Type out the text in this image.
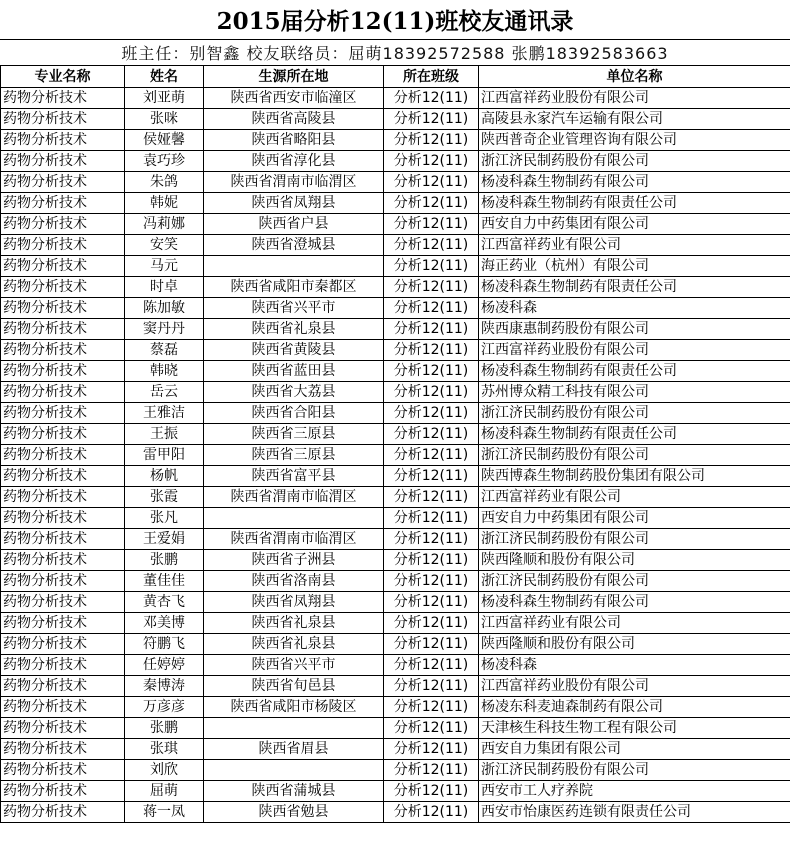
2015届分析12(11)班校友通讯录
班主任：别智鑫 校友联络员：屈萌18392572588 张鹏18392583663
专业名称	姓名	生源所在地	所在班级	单位名称
药物分析技术	刘亚萌	陕西省西安市临潼区	分析12(11)	江西富祥药业股份有限公司
药物分析技术	张咪	陕西省高陵县	分析12(11)	高陵县永家汽车运输有限公司
药物分析技术	侯娅馨	陕西省略阳县	分析12(11)	陕西普奇企业管理咨询有限公司
药物分析技术	袁巧珍	陕西省淳化县	分析12(11)	浙江济民制药股份有限公司
药物分析技术	朱鸽	陕西省渭南市临渭区	分析12(11)	杨凌科森生物制药有限公司
药物分析技术	韩妮	陕西省凤翔县	分析12(11)	杨凌科森生物制药有限责任公司
药物分析技术	冯莉娜	陕西省户县	分析12(11)	西安自力中药集团有限公司
药物分析技术	安笑	陕西省澄城县	分析12(11)	江西富祥药业有限公司
药物分析技术	马元		分析12(11)	海正药业（杭州）有限公司
药物分析技术	时卓	陕西省咸阳市秦都区	分析12(11)	杨凌科森生物制药有限责任公司
药物分析技术	陈加敏	陕西省兴平市	分析12(11)	杨凌科森
药物分析技术	窦丹丹	陕西省礼泉县	分析12(11)	陕西康惠制药股份有限公司
药物分析技术	蔡磊	陕西省黄陵县	分析12(11)	江西富祥药业股份有限公司
药物分析技术	韩晓	陕西省蓝田县	分析12(11)	杨凌科森生物制药有限责任公司
药物分析技术	岳云	陕西省大荔县	分析12(11)	苏州博众精工科技有限公司
药物分析技术	王雅洁	陕西省合阳县	分析12(11)	浙江济民制药股份有限公司
药物分析技术	王振	陕西省三原县	分析12(11)	杨凌科森生物制药有限责任公司
药物分析技术	雷甲阳	陕西省三原县	分析12(11)	浙江济民制药股份有限公司
药物分析技术	杨帆	陕西省富平县	分析12(11)	陕西博森生物制药股份集团有限公司
药物分析技术	张霞	陕西省渭南市临渭区	分析12(11)	江西富祥药业有限公司
药物分析技术	张凡		分析12(11)	西安自力中药集团有限公司
药物分析技术	王爱娟	陕西省渭南市临渭区	分析12(11)	浙江济民制药股份有限公司
药物分析技术	张鹏	陕西省子洲县	分析12(11)	陕西隆顺和股份有限公司
药物分析技术	董佳佳	陕西省洛南县	分析12(11)	浙江济民制药股份有限公司
药物分析技术	黄杏飞	陕西省凤翔县	分析12(11)	杨凌科森生物制药有限公司
药物分析技术	邓美博	陕西省礼泉县	分析12(11)	江西富祥药业有限公司
药物分析技术	符鹏飞	陕西省礼泉县	分析12(11)	陕西隆顺和股份有限公司
药物分析技术	任婷婷	陕西省兴平市	分析12(11)	杨凌科森
药物分析技术	秦博涛	陕西省旬邑县	分析12(11)	江西富祥药业股份有限公司
药物分析技术	万彦彦	陕西省咸阳市杨陵区	分析12(11)	杨凌东科麦迪森制药有限公司
药物分析技术	张鹏		分析12(11)	天津核生科技生物工程有限公司
药物分析技术	张琪	陕西省眉县	分析12(11)	西安自力集团有限公司
药物分析技术	刘欣		分析12(11)	浙江济民制药股份有限公司
药物分析技术	屈萌	陕西省蒲城县	分析12(11)	西安市工人疗养院
药物分析技术	蒋一凤	陕西省勉县	分析12(11)	西安市怡康医药连锁有限责任公司
